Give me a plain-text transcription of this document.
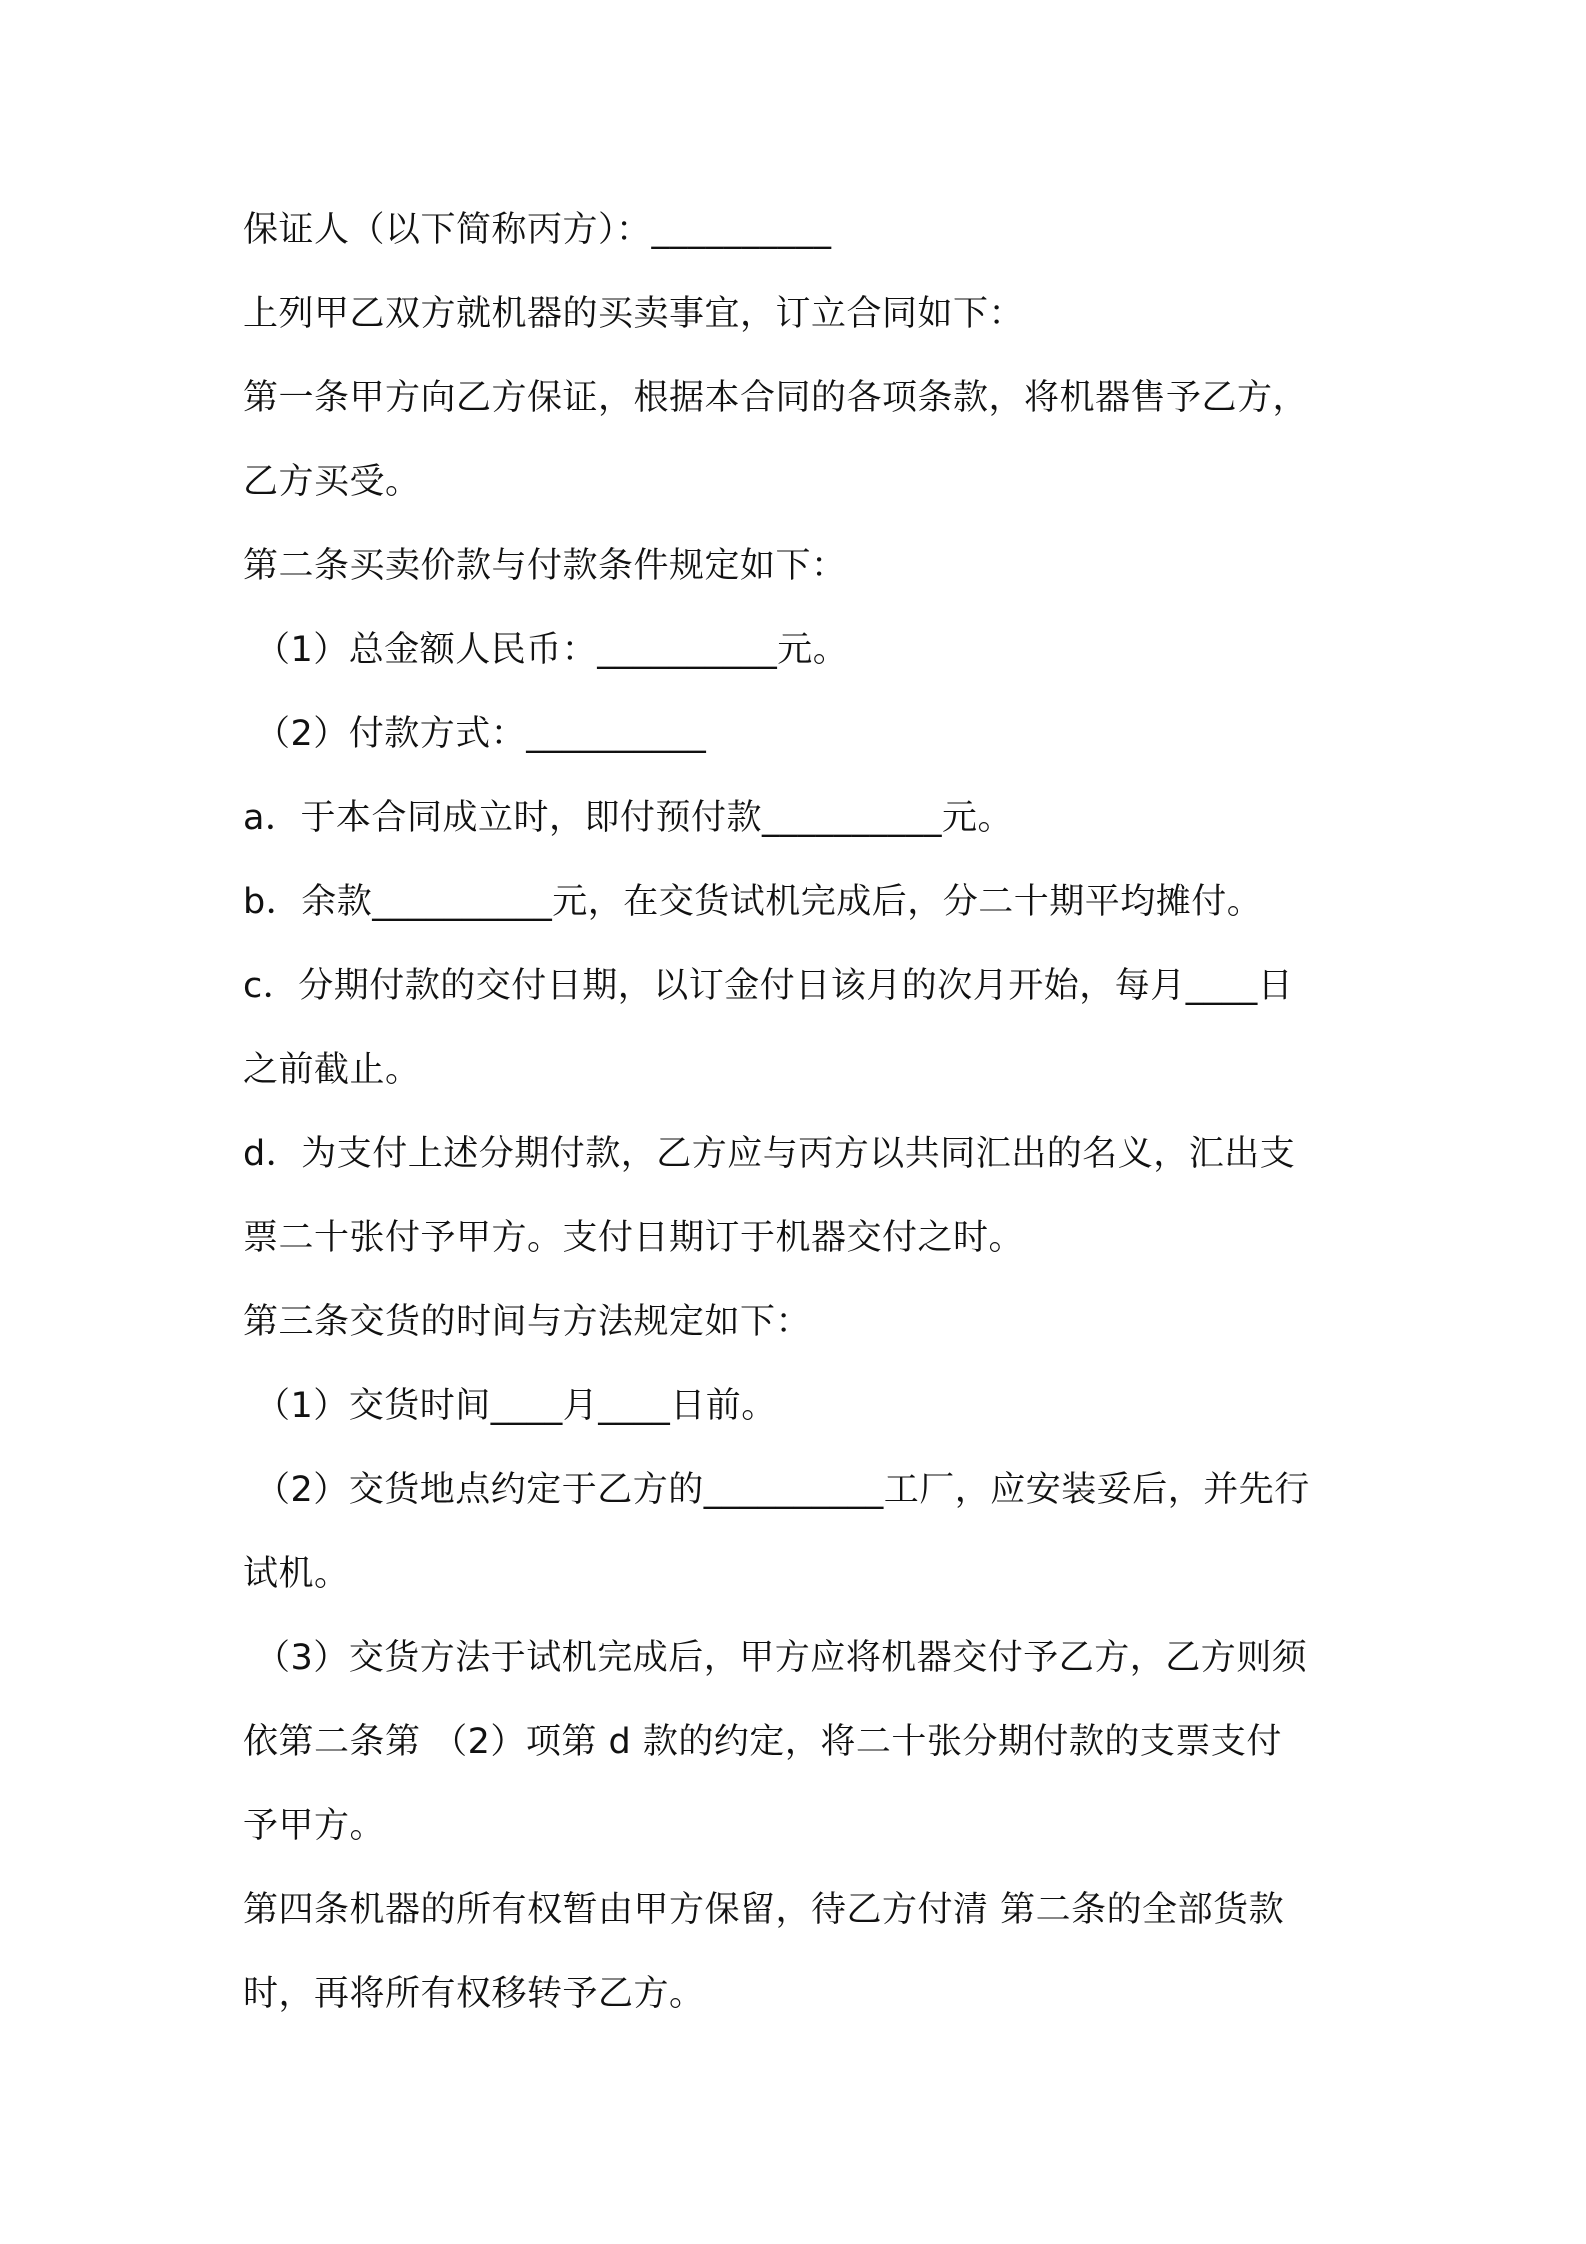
保证人（以下简称丙方）：__________
上列甲乙双方就机器的买卖事宜，订立合同如下：
第一条甲方向乙方保证，根据本合同的各项条款，将机器售予乙方，
乙方买受。
第二条买卖价款与付款条件规定如下：
（1）总金额人民币：__________元。
（2）付款方式：__________
a．于本合同成立时，即付预付款__________元。
b．余款__________元，在交货试机完成后，分二十期平均摊付。
c．分期付款的交付日期，以订金付日该月的次月开始，每月____日
之前截止。
d．为支付上述分期付款，乙方应与丙方以共同汇出的名义，汇出支
票二十张付予甲方。支付日期订于机器交付之时。
第三条交货的时间与方法规定如下：
（1）交货时间____月____日前。
（2）交货地点约定于乙方的__________工厂，应安装妥后，并先行
试机。
（3）交货方法于试机完成后，甲方应将机器交付予乙方，乙方则须
依第二条第 （2）项第 d 款的约定，将二十张分期付款的支票支付
予甲方。
第四条机器的所有权暂由甲方保留，待乙方付清 第二条的全部货款
时，再将所有权移转予乙方。
